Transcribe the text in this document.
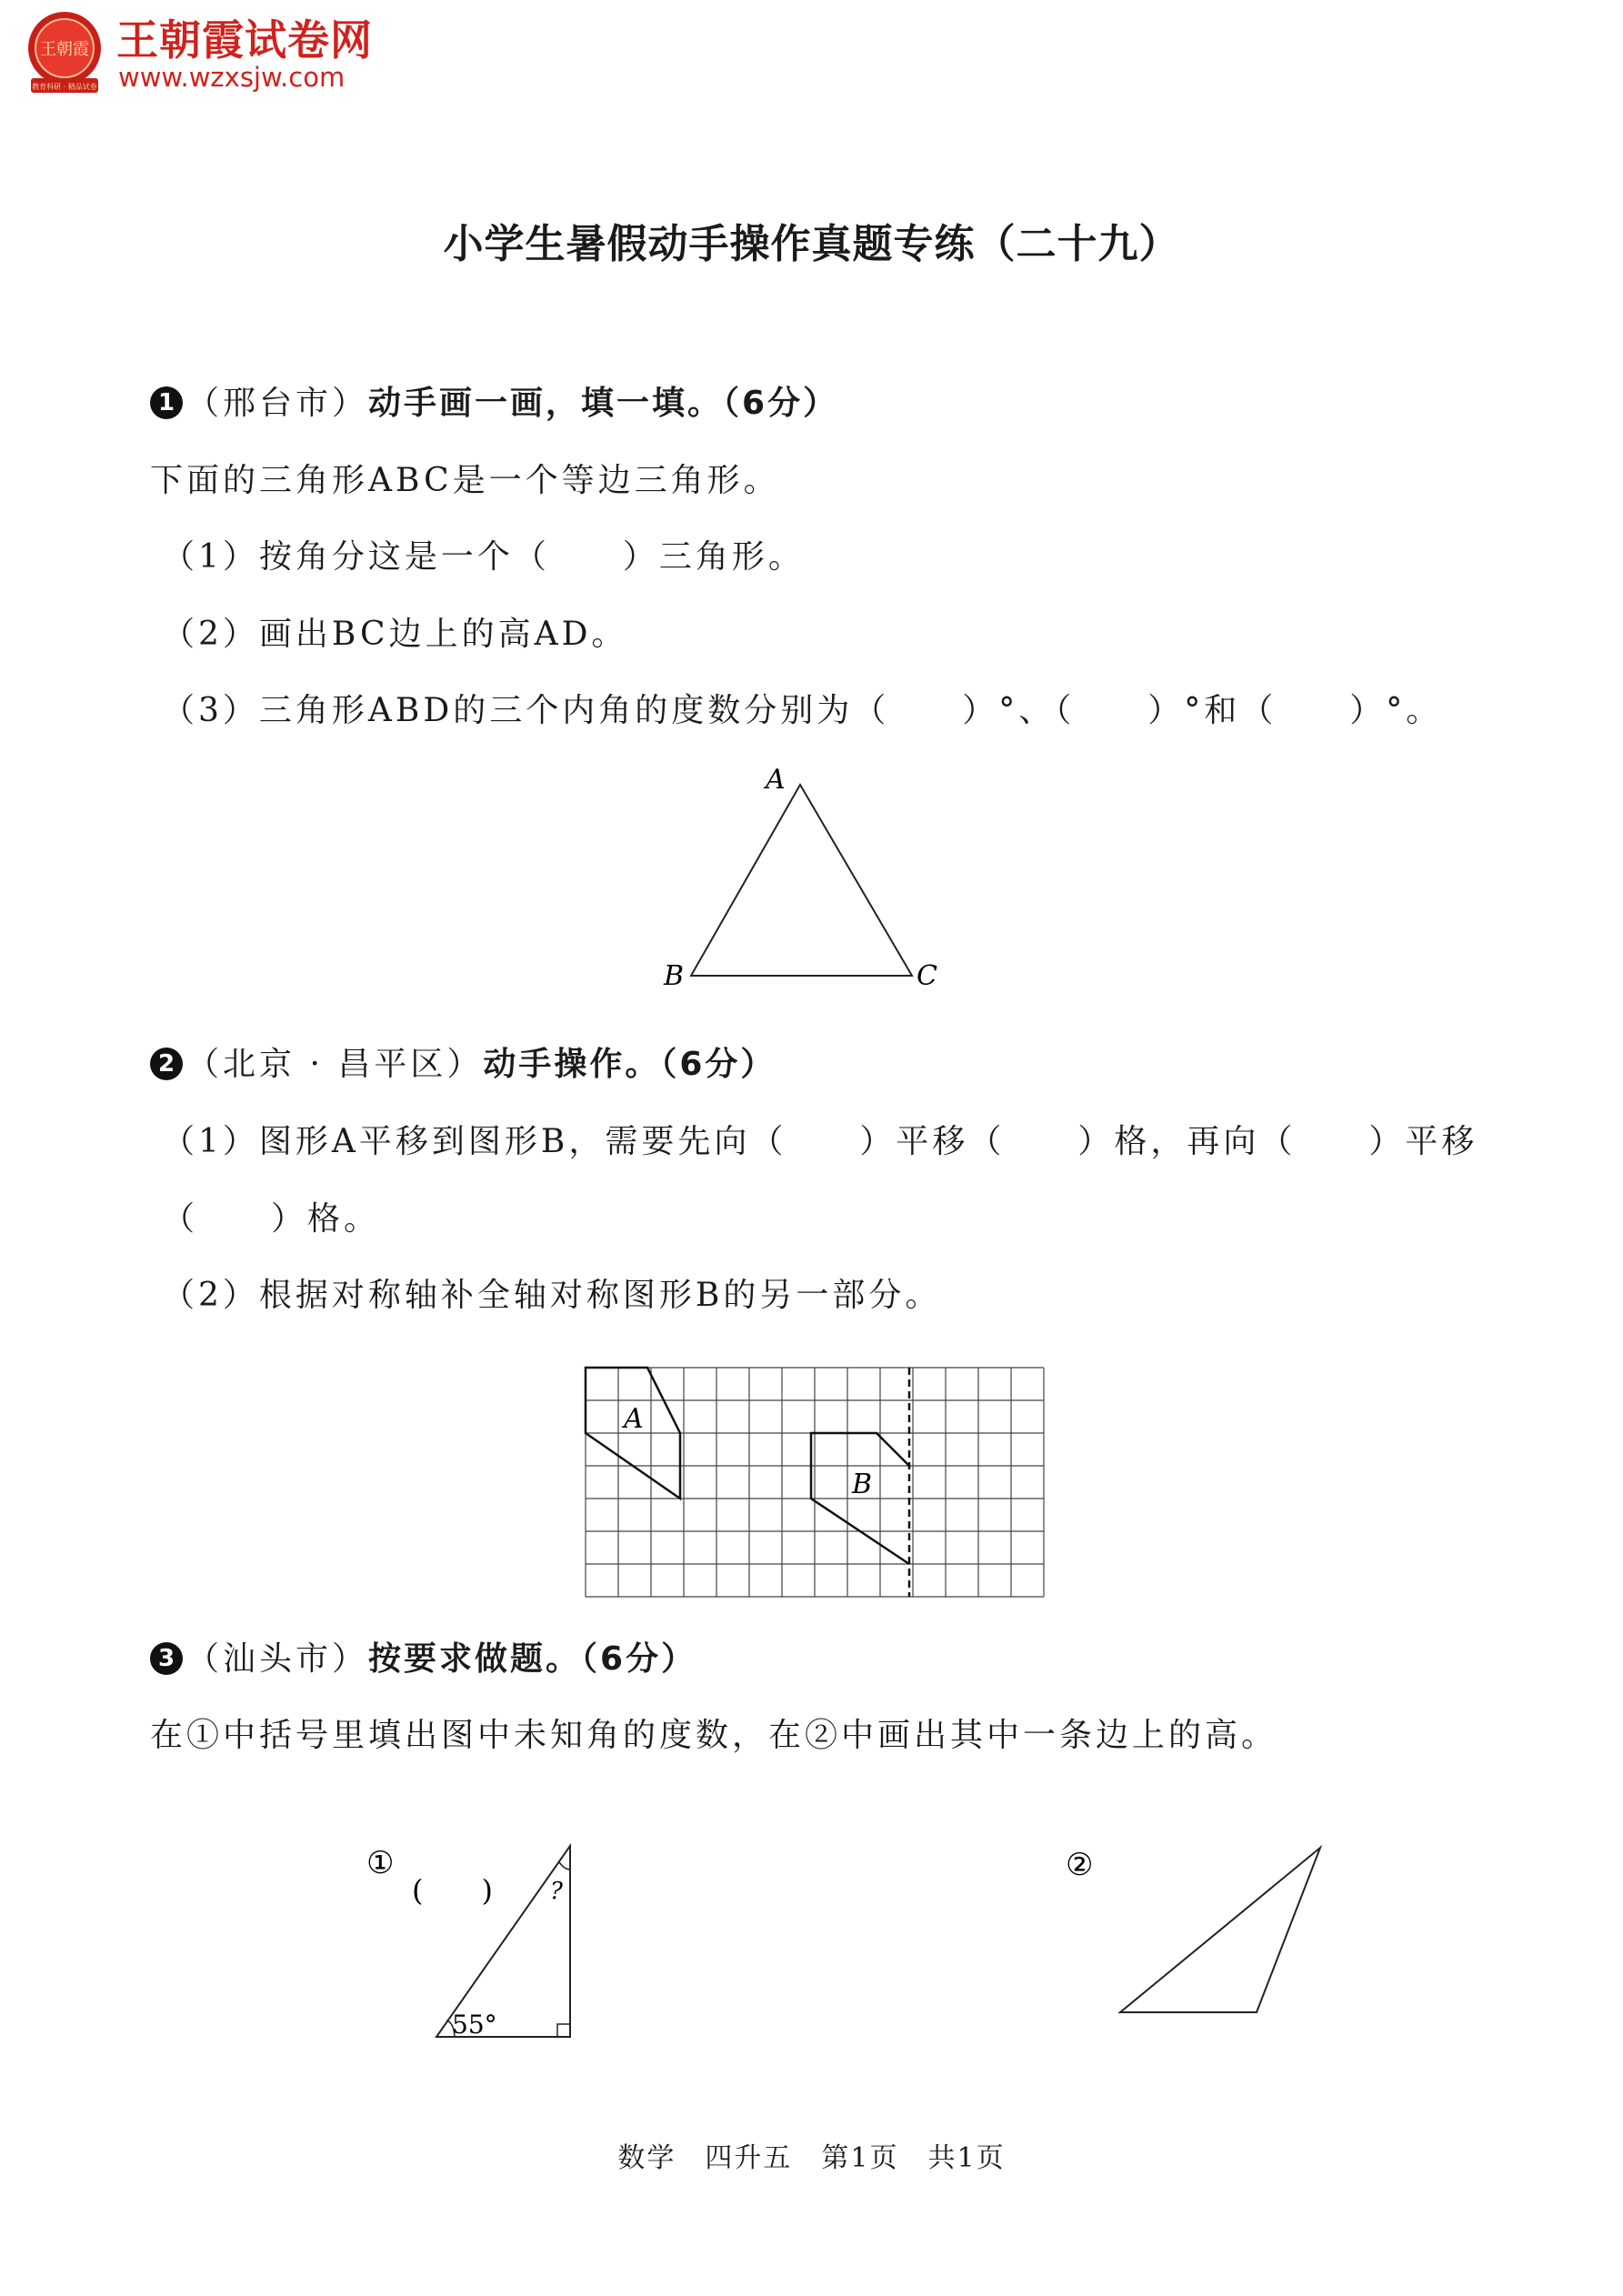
王朝霞
教育科研 · 精品试卷
王朝霞试卷网
www.wzxsjw.com
小学生暑假动手操作真题专练（二十九）
1 （邢台市）动手画一画，填一填。（6分）
下面的三角形ABC是一个等边三角形。
（1）按角分这是一个（　　）三角形。
（2）画出BC边上的高AD。
（3）三角形ABD的三个内角的度数分别为（　　）°、（　　）°和（　　）°。
A
B	C
2 （北京 · 昌平区）动手操作。（6分）
（1）图形A平移到图形B，需要先向（　　）平移（　　）格，再向（　　）平移
（　　）格。
（2）根据对称轴补全轴对称图形B的另一部分。
A
B
3 （汕头市）按要求做题。（6分）
在①中括号里填出图中未知角的度数，在②中画出其中一条边上的高。
①
(　　) ?
55°
②
数学　四升五　第1页　共1页
